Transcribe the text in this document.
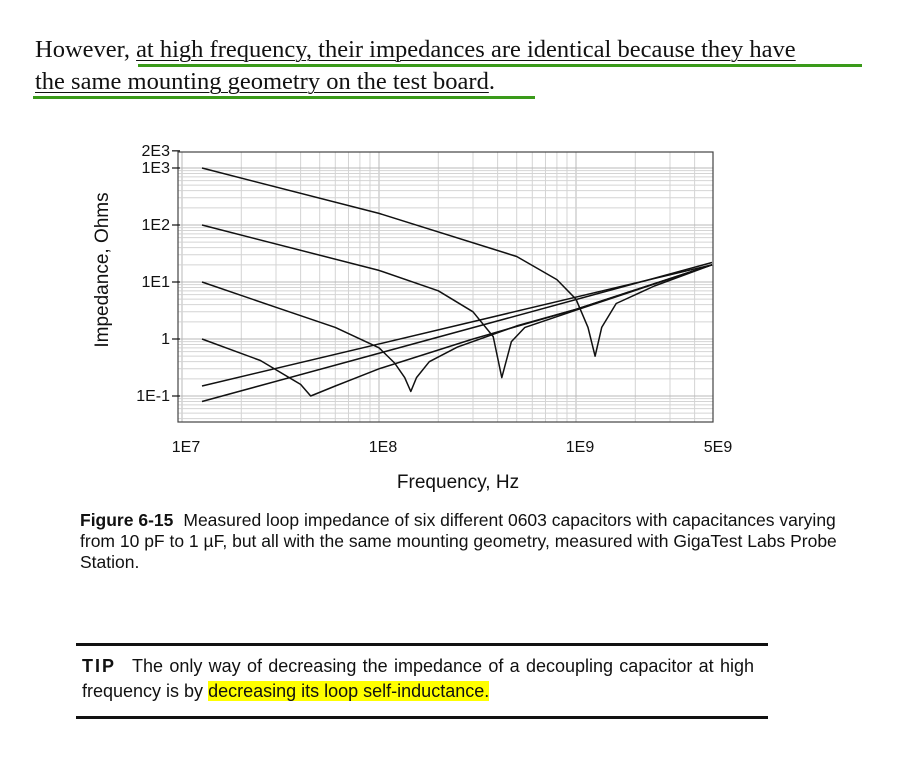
However, at high frequency, their impedances are identical because they have
the same mounting geometry on the test board.
Impedance, Ohms
2E3
1E3
1E2
1E1
1
1E-1
1E7	1E8	1E9	5E9
Frequency, Hz
Figure 6-15 Measured loop impedance of six different 0603 capacitors with capacitances varying from 10 pF to 1 µF, but all with the same mounting geometry, measured with GigaTest Labs Probe Station.
TIP The only way of decreasing the impedance of a decoupling capacitor at high frequency is by decreasing its loop self-inductance.
